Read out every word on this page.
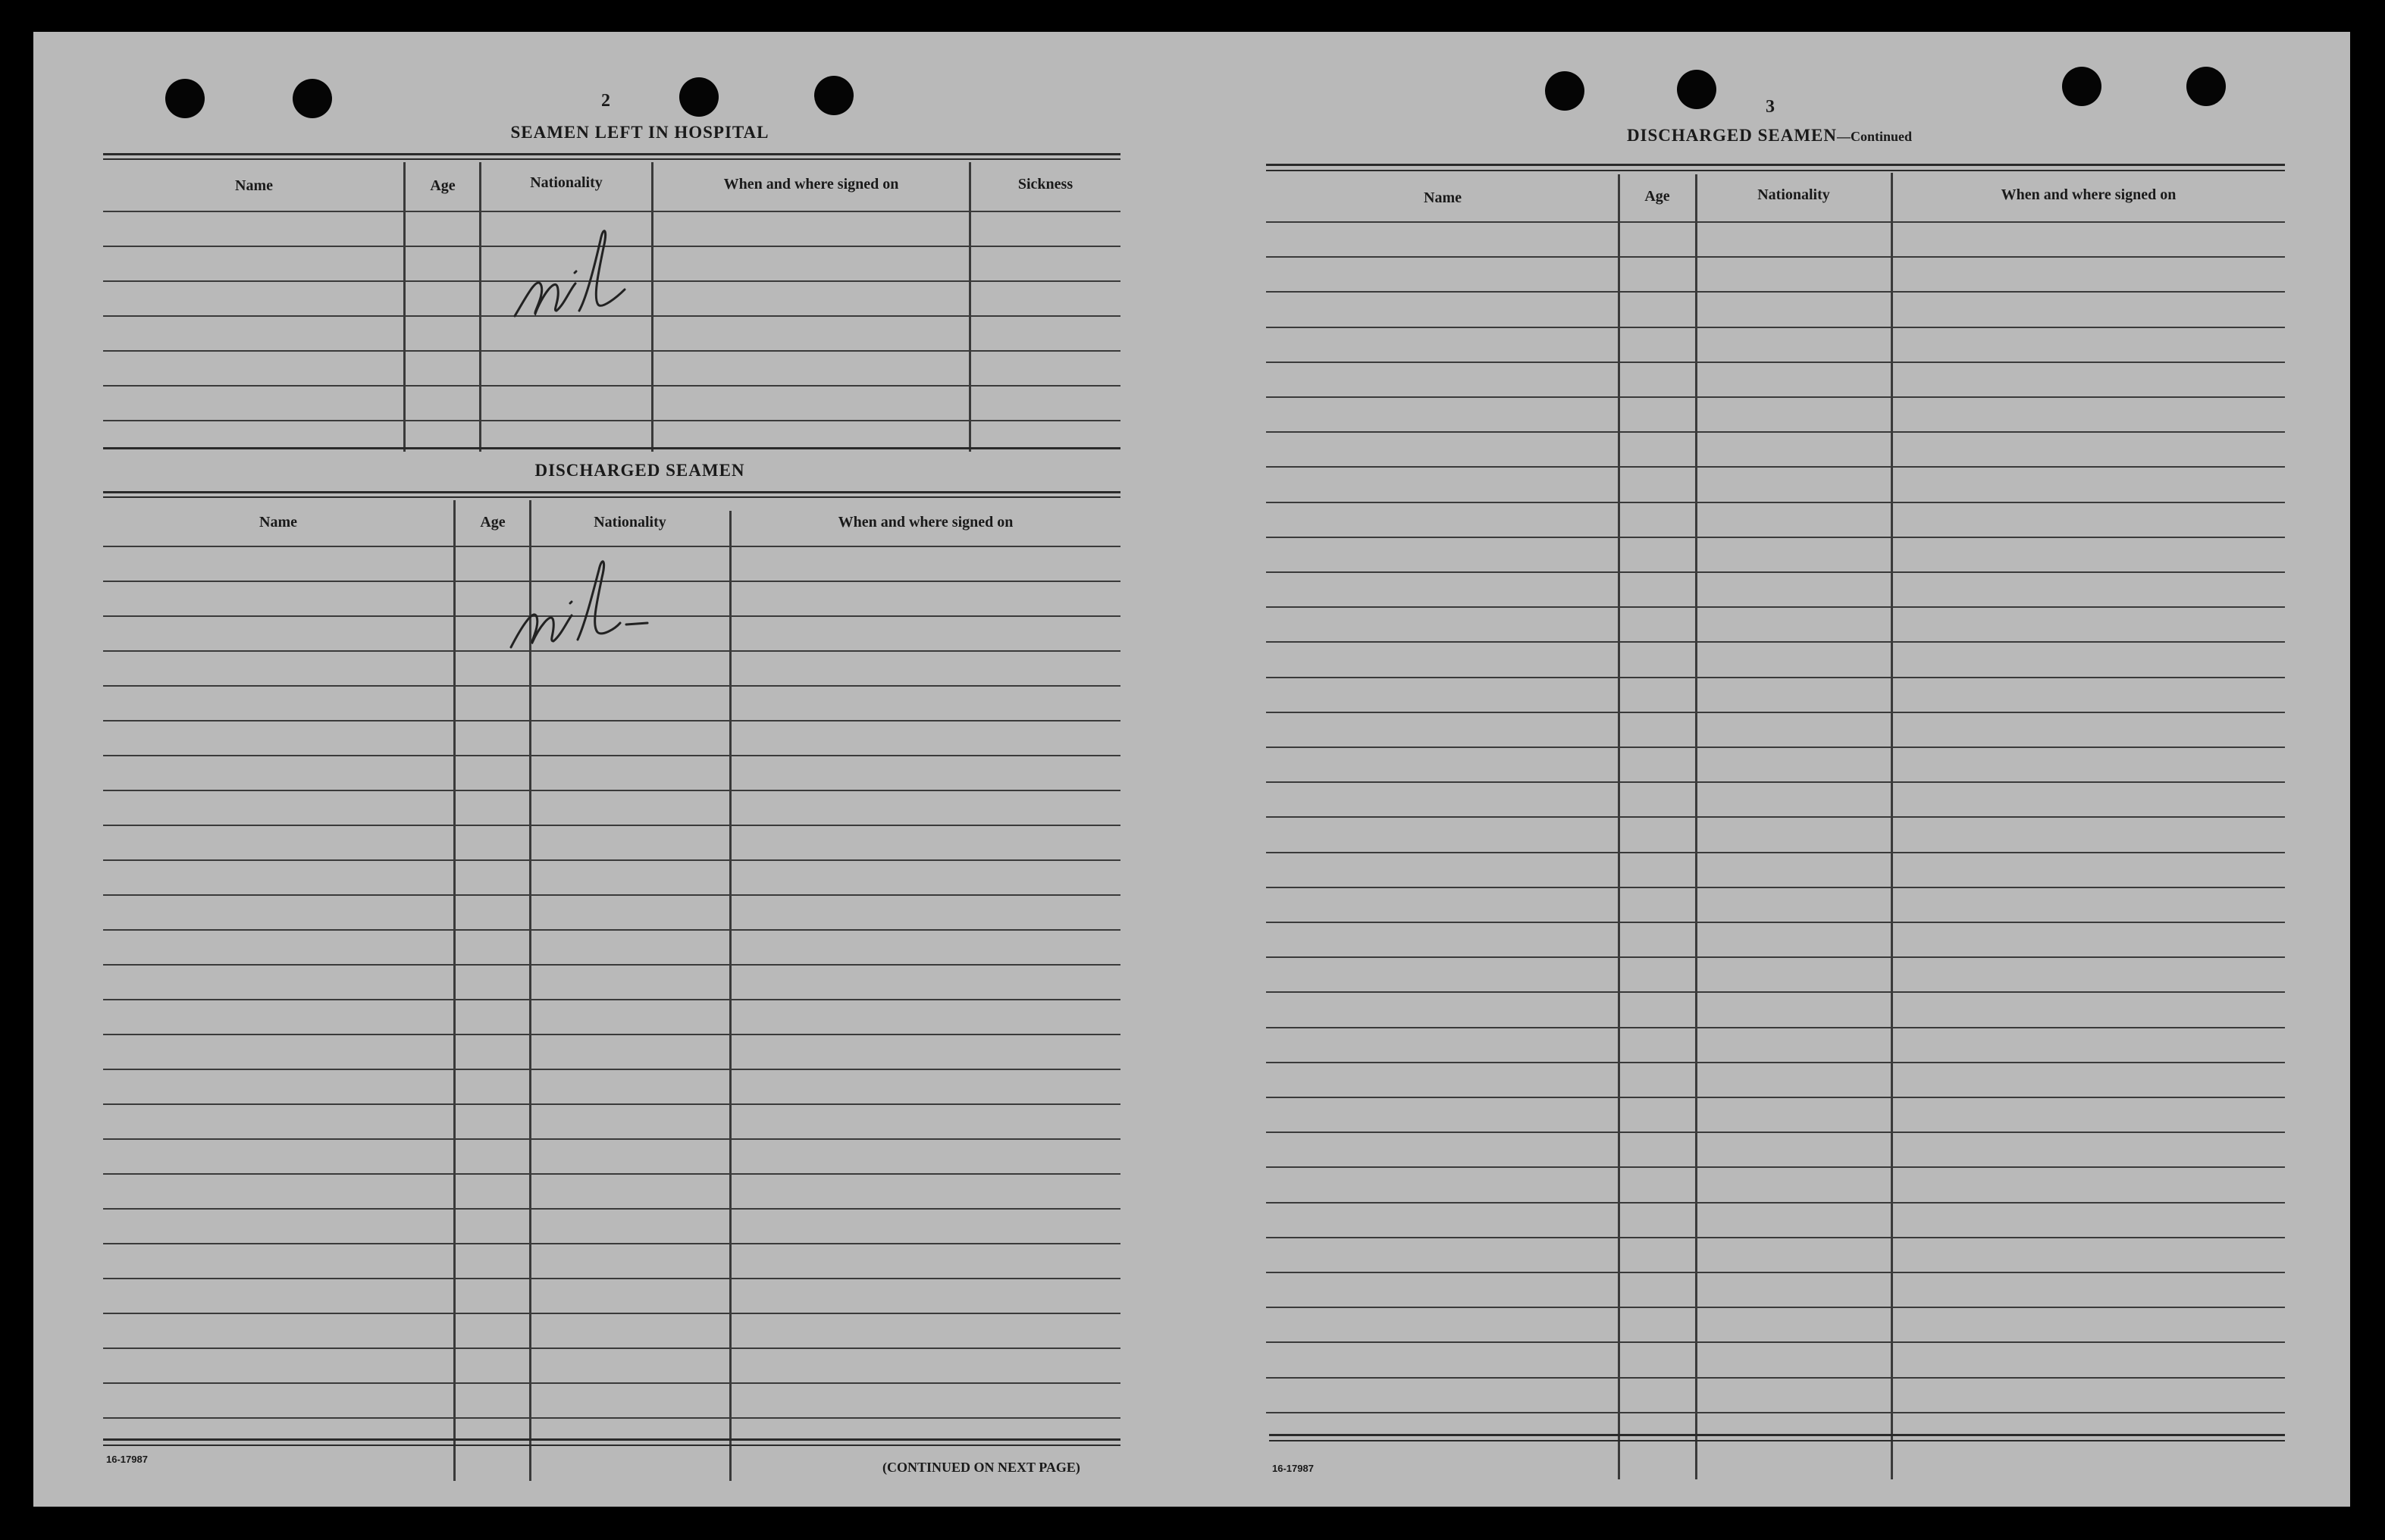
2
SEAMEN LEFT IN HOSPITAL
Name	Age	Nationality	When and where signed on	Sickness
DISCHARGED SEAMEN
Name	Age	Nationality	When and where signed on
16-17987
(CONTINUED ON NEXT PAGE)
3
DISCHARGED SEAMEN—Continued
Name	Age	Nationality	When and where signed on
16-17987
